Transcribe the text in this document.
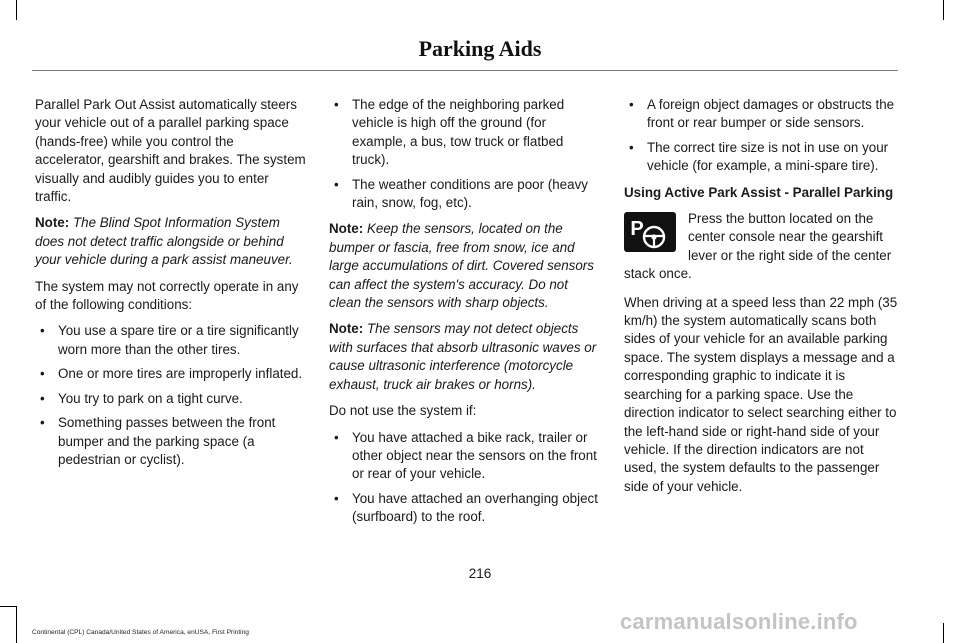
Parking Aids

Parallel Park Out Assist automatically steers your vehicle out of a parallel parking space (hands-free) while you control the accelerator, gearshift and brakes. The system visually and audibly guides you to enter traffic.

Note: The Blind Spot Information System does not detect traffic alongside or behind your vehicle during a park assist maneuver.

The system may not correctly operate in any of the following conditions:

• You use a spare tire or a tire significantly worn more than the other tires.
• One or more tires are improperly inflated.
• You try to park on a tight curve.
• Something passes between the front bumper and the parking space (a pedestrian or cyclist).
• The edge of the neighboring parked vehicle is high off the ground (for example, a bus, tow truck or flatbed truck).
• The weather conditions are poor (heavy rain, snow, fog, etc).

Note: Keep the sensors, located on the bumper or fascia, free from snow, ice and large accumulations of dirt. Covered sensors can affect the system's accuracy. Do not clean the sensors with sharp objects.

Note: The sensors may not detect objects with surfaces that absorb ultrasonic waves or cause ultrasonic interference (motorcycle exhaust, truck air brakes or horns).

Do not use the system if:

• You have attached a bike rack, trailer or other object near the sensors on the front or rear of your vehicle.
• You have attached an overhanging object (surfboard) to the roof.
• A foreign object damages or obstructs the front or rear bumper or side sensors.
• The correct tire size is not in use on your vehicle (for example, a mini-spare tire).

Using Active Park Assist - Parallel Parking

P	Press the button located on the center console near the gearshift lever or the right side of the center stack once.

When driving at a speed less than 22 mph (35 km/h) the system automatically scans both sides of your vehicle for an available parking space. The system displays a message and a corresponding graphic to indicate it is searching for a parking space. Use the direction indicator to select searching either to the left-hand side or right-hand side of your vehicle. If the direction indicators are not used, the system defaults to the passenger side of your vehicle.

216
Continental (CPL) Canada/United States of America, enUSA, First Printing	carmanualsonline.info
